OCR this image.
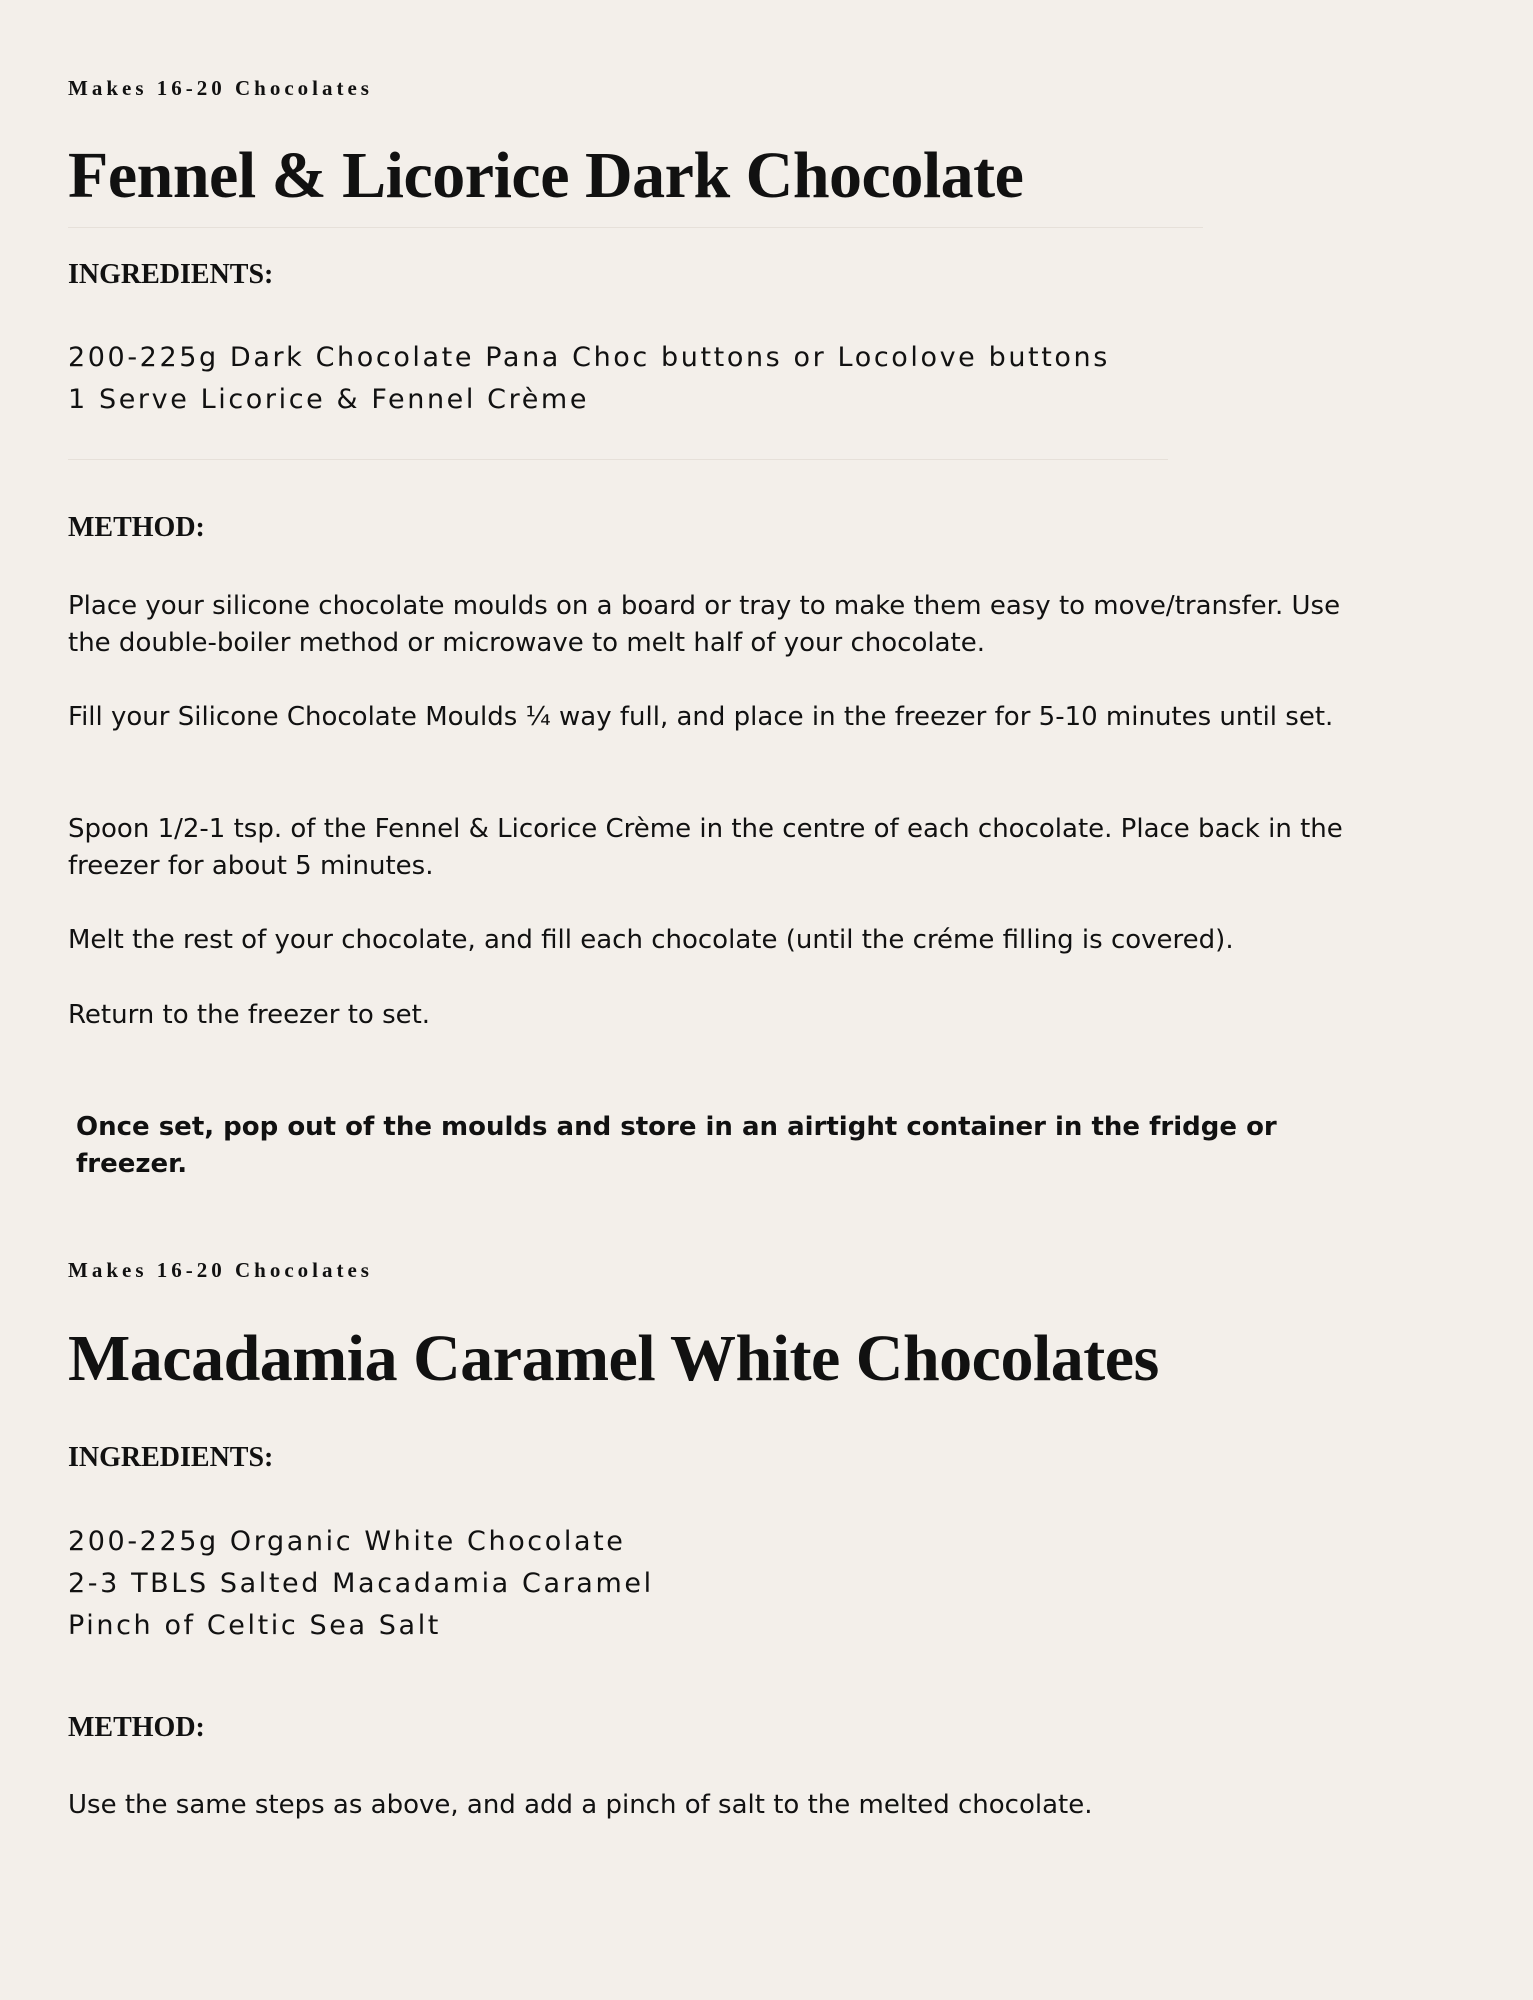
Makes 16-20 Chocolates
Fennel & Licorice Dark Chocolate
INGREDIENTS:
200-225g Dark Chocolate Pana Choc buttons or Locolove buttons
1 Serve Licorice & Fennel Crème
METHOD:

Place your silicone chocolate moulds on a board or tray to make them easy to move/transfer. Use the double-boiler method or microwave to melt half of your chocolate.

Fill your Silicone Chocolate Moulds ¼ way full, and place in the freezer for 5-10 minutes until set.

Spoon 1/2-1 tsp. of the Fennel & Licorice Crème in the centre of each chocolate. Place back in the freezer for about 5 minutes.

Melt the rest of your chocolate, and fill each chocolate (until the créme filling is covered).

Return to the freezer to set.

Once set, pop out of the moulds and store in an airtight container in the fridge or freezer.

Makes 16-20 Chocolates
Macadamia Caramel White Chocolates
INGREDIENTS:
200-225g Organic White Chocolate
2-3 TBLS Salted Macadamia Caramel
Pinch of Celtic Sea Salt
METHOD:

Use the same steps as above, and add a pinch of salt to the melted chocolate.
